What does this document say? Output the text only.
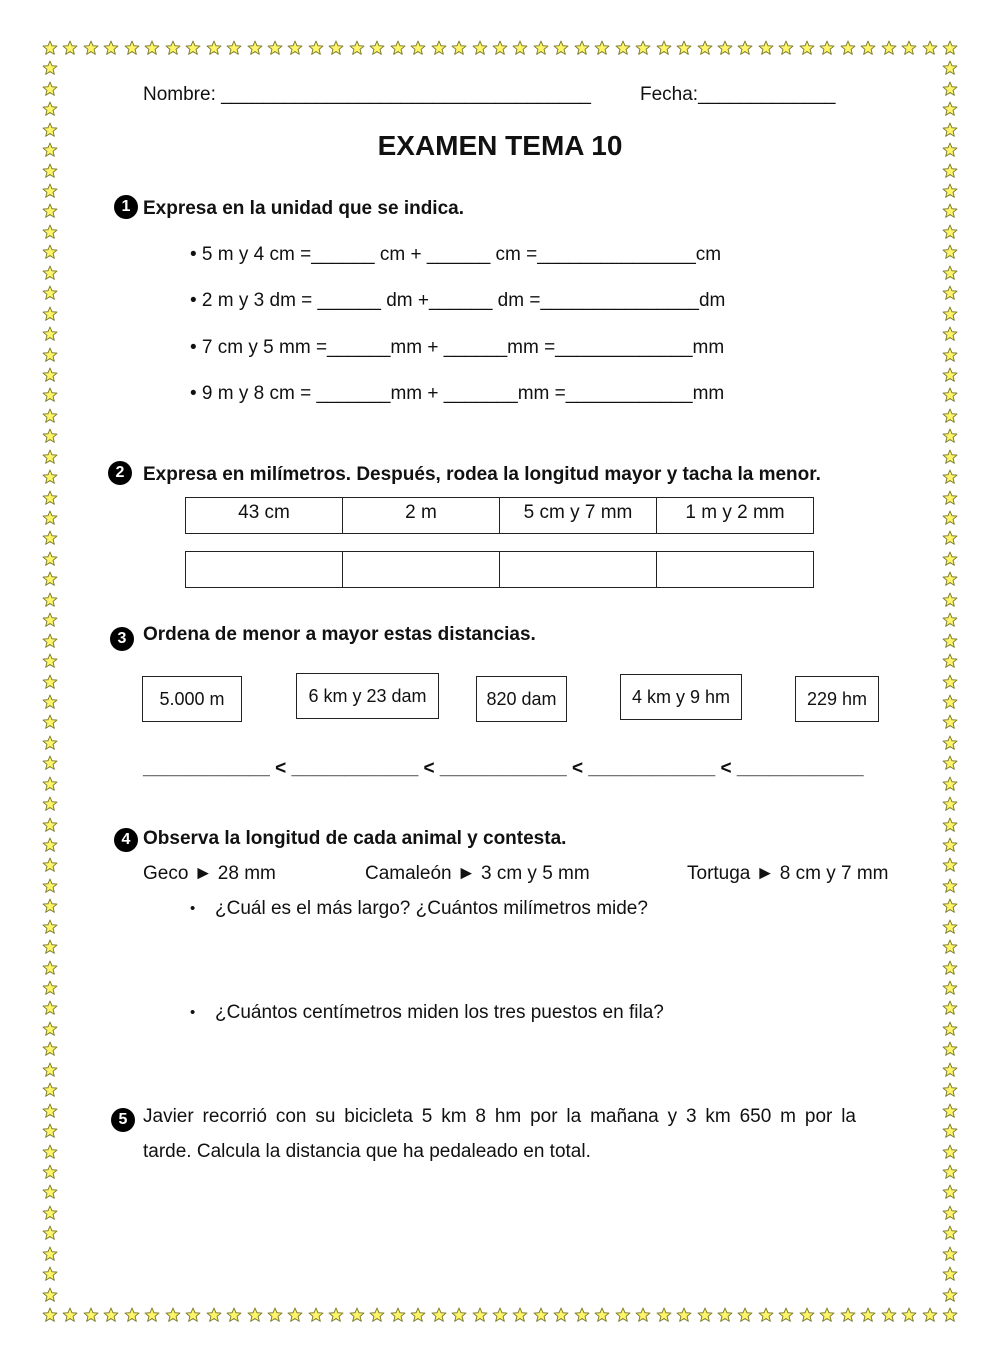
Nombre: ___________________________________	Fecha:_____________
EXAMEN TEMA 10
1 Expresa en la unidad que se indica.
• 5 m y 4 cm =______ cm + ______ cm =_______________cm
• 2 m y 3 dm = ______ dm +______ dm =_______________dm
• 7 cm y 5 mm =______mm + ______mm =_____________mm
• 9 m y 8 cm = _______mm + _______mm =____________mm
2 Expresa en milímetros. Después, rodea la longitud mayor y tacha la menor.
43 cm	2 m	5 cm y 7 mm	1 m y 2 mm

3 Ordena de menor a mayor estas distancias.
5.000 m	6 km y 23 dam	820 dam	4 km y 9 hm	229 hm
____________ < ____________ < ____________ < ____________ < ____________
4 Observa la longitud de cada animal y contesta.
Geco ► 28 mm	Camaleón ► 3 cm y 5 mm	Tortuga ► 8 cm y 7 mm
• ¿Cuál es el más largo? ¿Cuántos milímetros mide?
• ¿Cuántos centímetros miden los tres puestos en fila?
5 Javier recorrió con su bicicleta 5 km 8 hm por la mañana y 3 km 650 m por la
tarde. Calcula la distancia que ha pedaleado en total.
